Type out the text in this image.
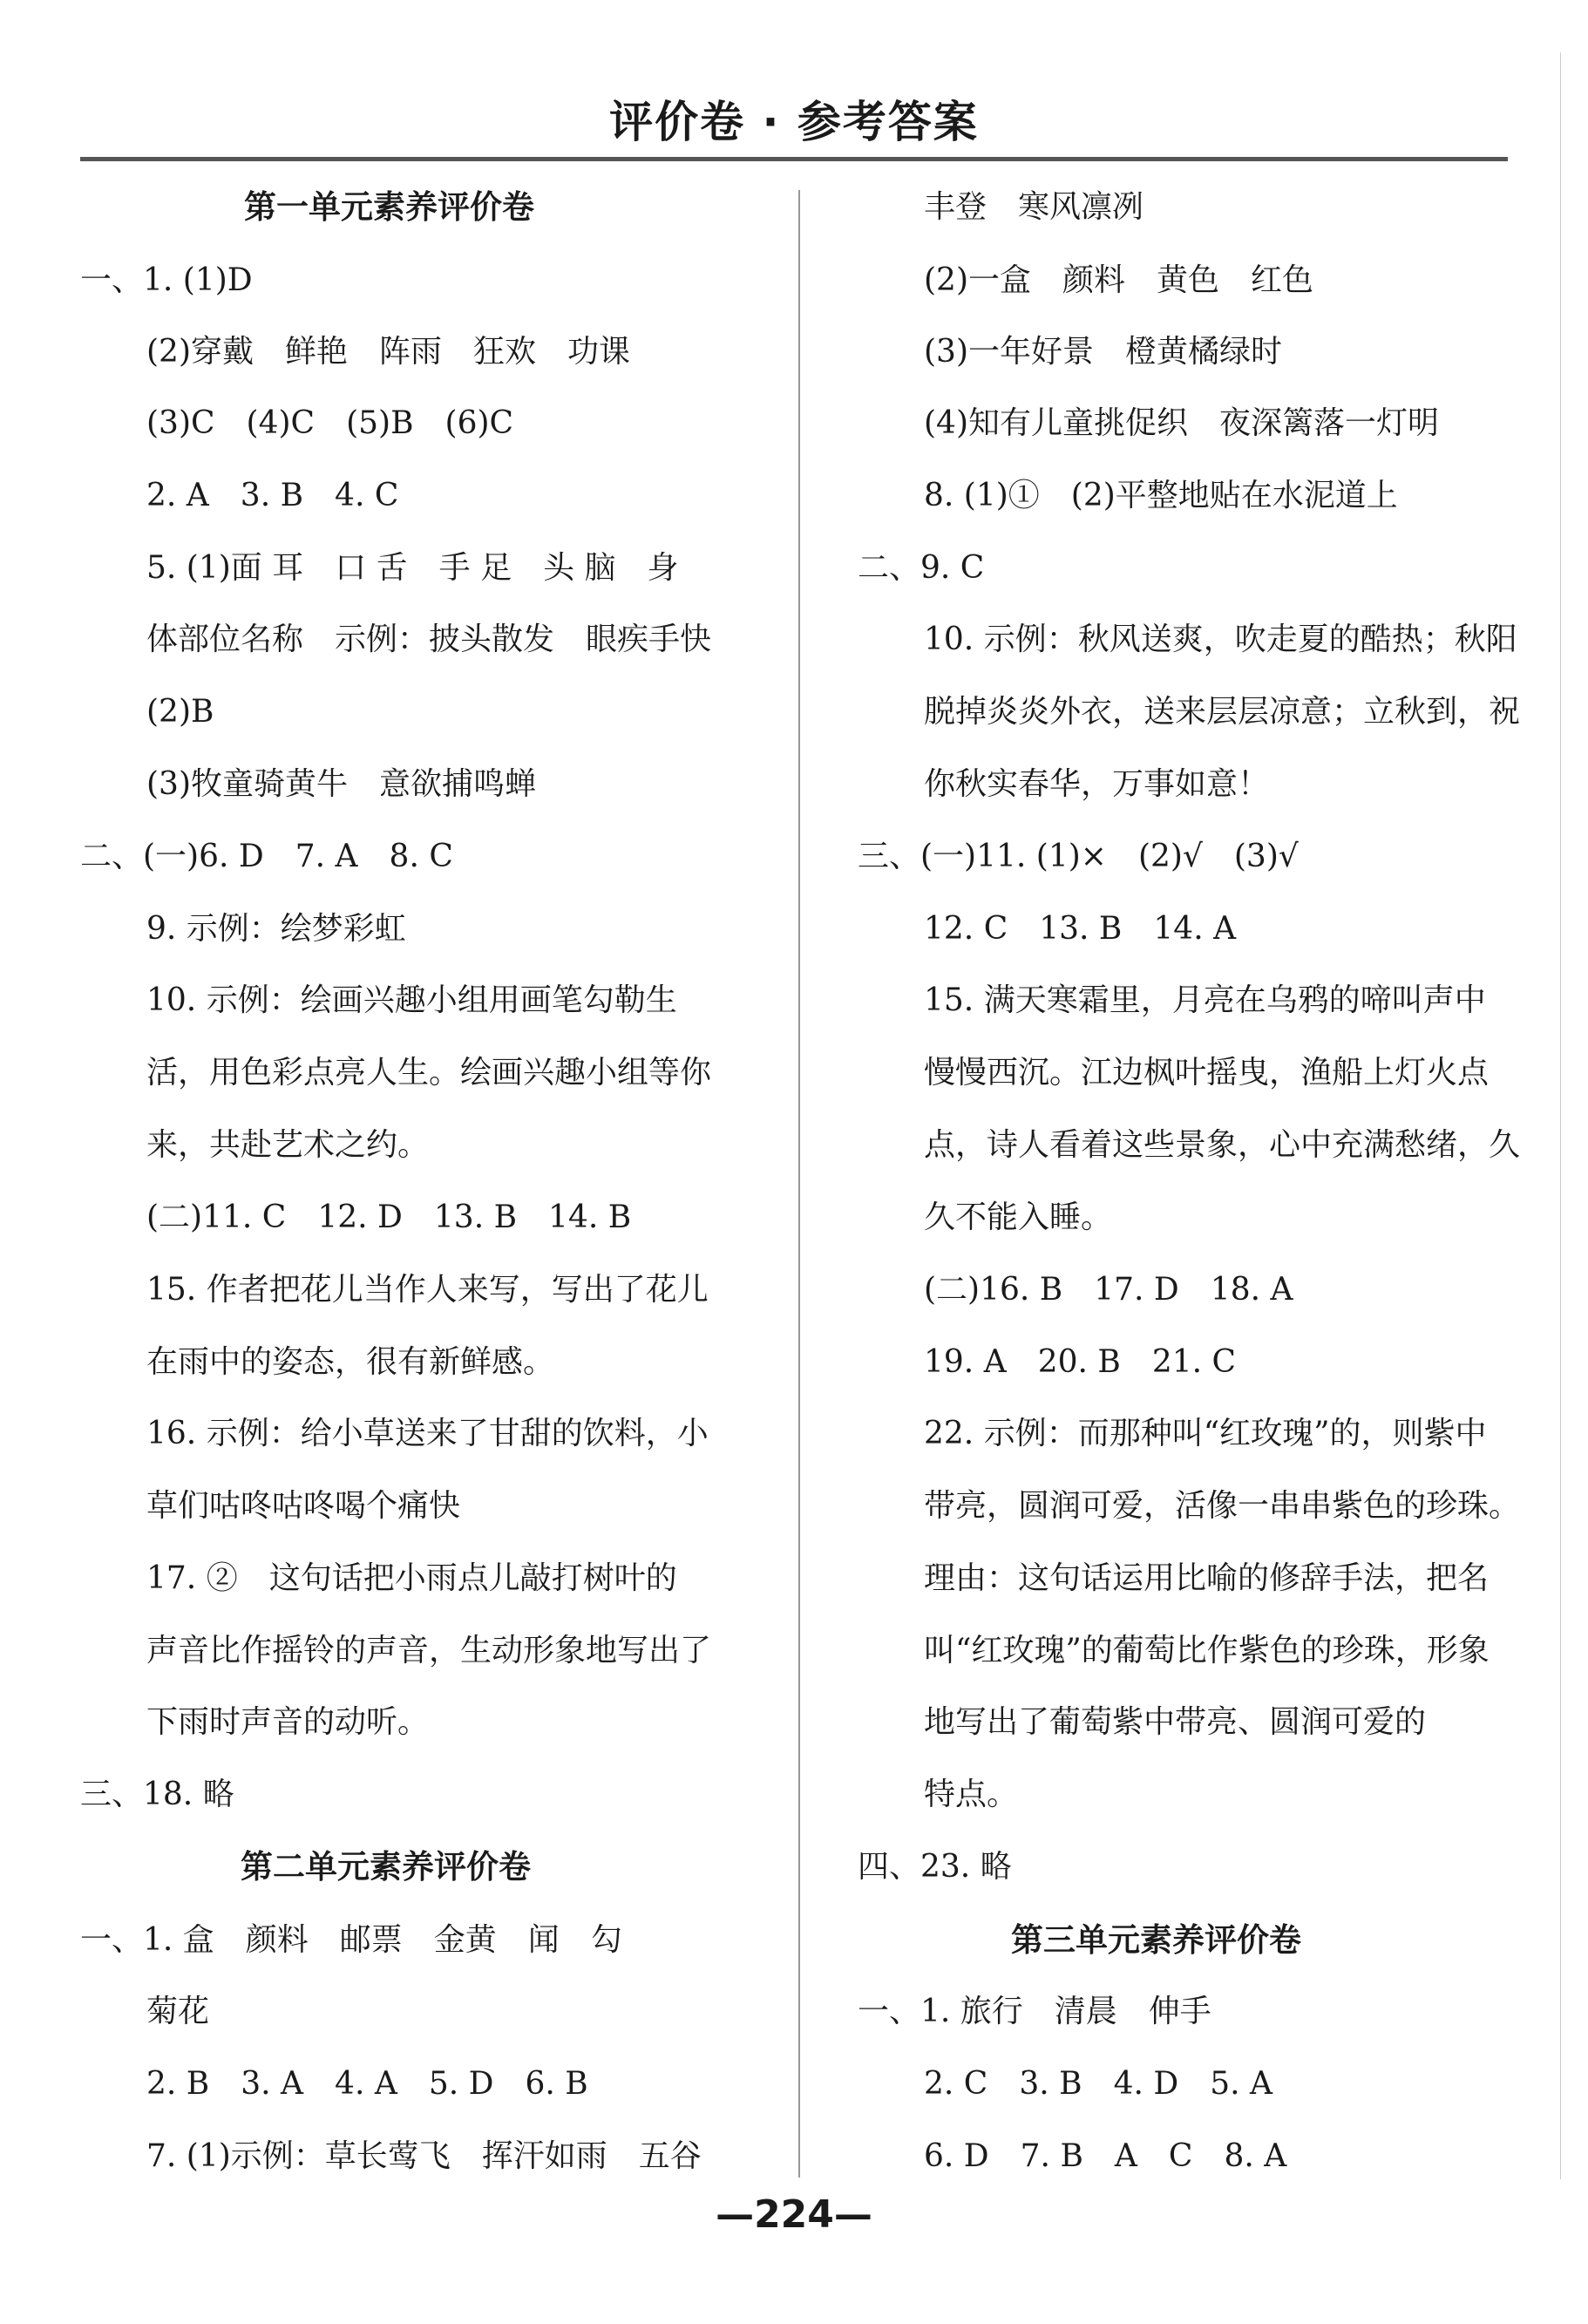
评价卷 · 参考答案
第一单元素养评价卷
一、1. (1)D
(2)穿戴　鲜艳　阵雨　狂欢　功课
(3)C　(4)C　(5)B　(6)C
2. A　3. B　4. C
5. (1)面 耳　口 舌　手 足　头 脑　身
体部位名称　示例：披头散发　眼疾手快
(2)B
(3)牧童骑黄牛　意欲捕鸣蝉
二、(一)6. D　7. A　8. C
9. 示例：绘梦彩虹
10. 示例：绘画兴趣小组用画笔勾勒生
活，用色彩点亮人生。绘画兴趣小组等你
来，共赴艺术之约。
(二)11. C　12. D　13. B　14. B
15. 作者把花儿当作人来写，写出了花儿
在雨中的姿态，很有新鲜感。
16. 示例：给小草送来了甘甜的饮料，小
草们咕咚咕咚喝个痛快
17. ②　这句话把小雨点儿敲打树叶的
声音比作摇铃的声音，生动形象地写出了
下雨时声音的动听。
三、18. 略
第二单元素养评价卷
一、1. 盒　颜料　邮票　金黄　闻　勾
菊花
2. B　3. A　4. A　5. D　6. B
7. (1)示例：草长莺飞　挥汗如雨　五谷
丰登　寒风凛冽
(2)一盒　颜料　黄色　红色
(3)一年好景　橙黄橘绿时
(4)知有儿童挑促织　夜深篱落一灯明
8. (1)①　(2)平整地贴在水泥道上
二、9. C
10. 示例：秋风送爽，吹走夏的酷热；秋阳
脱掉炎炎外衣，送来层层凉意；立秋到，祝
你秋实春华，万事如意！
三、(一)11. (1)×　(2)√　(3)√
12. C　13. B　14. A
15. 满天寒霜里，月亮在乌鸦的啼叫声中
慢慢西沉。江边枫叶摇曳，渔船上灯火点
点，诗人看着这些景象，心中充满愁绪，久
久不能入睡。
(二)16. B　17. D　18. A
19. A　20. B　21. C
22. 示例：而那种叫“红玫瑰”的，则紫中
带亮，圆润可爱，活像一串串紫色的珍珠。
理由：这句话运用比喻的修辞手法，把名
叫“红玫瑰”的葡萄比作紫色的珍珠，形象
地写出了葡萄紫中带亮、圆润可爱的
特点。
四、23. 略
第三单元素养评价卷
一、1. 旅行　清晨　伸手
2. C　3. B　4. D　5. A
6. D　7. B　A　C　8. A
—224—
